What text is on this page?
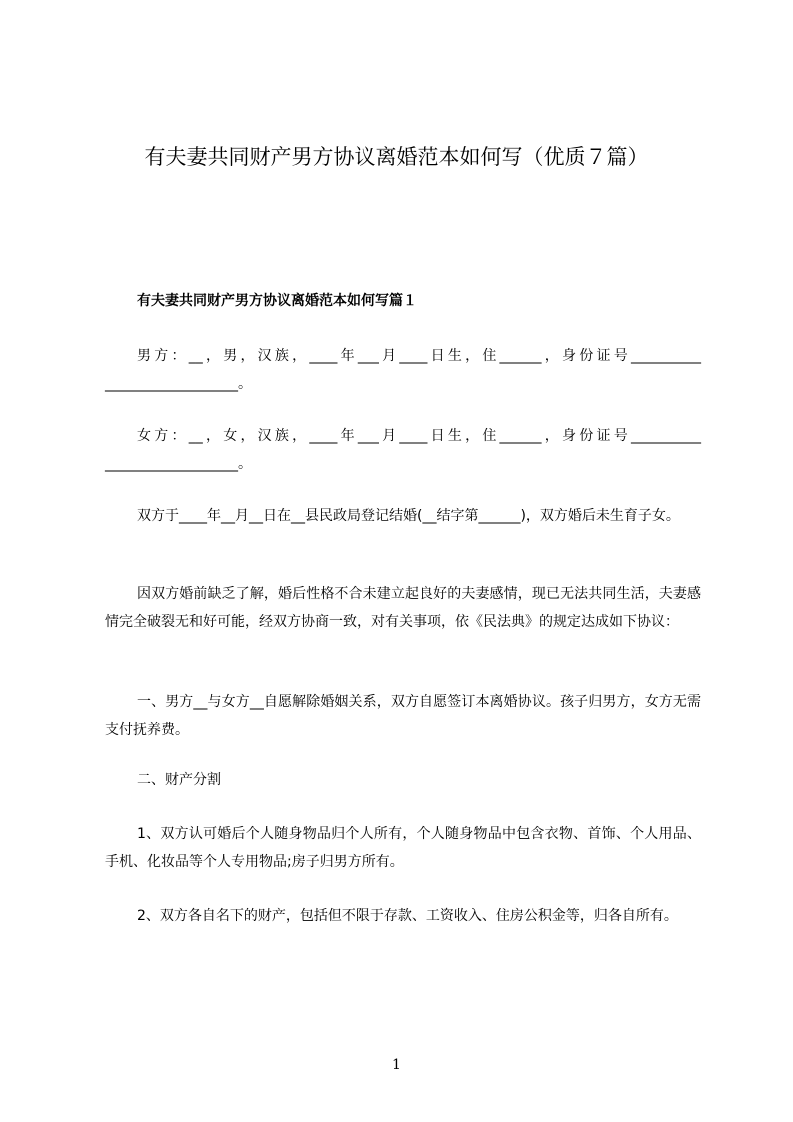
有夫妻共同财产男方协议离婚范本如何写（优质７篇）
有夫妻共同财产男方协议离婚范本如何写篇１

男方：__，男，汉族，____年___月____日生，住______，身份证号__________ ___________________。

女方：__，女，汉族，____年___月____日生，住______，身份证号__________ ___________________。

双方于____年__月__日在__县民政局登记结婚(__结字第______)，双方婚后未生育子女。

因双方婚前缺乏了解，婚后性格不合未建立起良好的夫妻感情，现已无法共同生活，夫妻感情完全破裂无和好可能，经双方协商一致，对有关事项，依《民法典》的规定达成如下协议：

一、男方__与女方__自愿解除婚姻关系，双方自愿签订本离婚协议。孩子归男方，女方无需支付抚养费。

二、财产分割

1、双方认可婚后个人随身物品归个人所有，个人随身物品中包含衣物、首饰、个人用品、手机、化妆品等个人专用物品;房子归男方所有。

2、双方各自名下的财产，包括但不限于存款、工资收入、住房公积金等，归各自所有。

1
